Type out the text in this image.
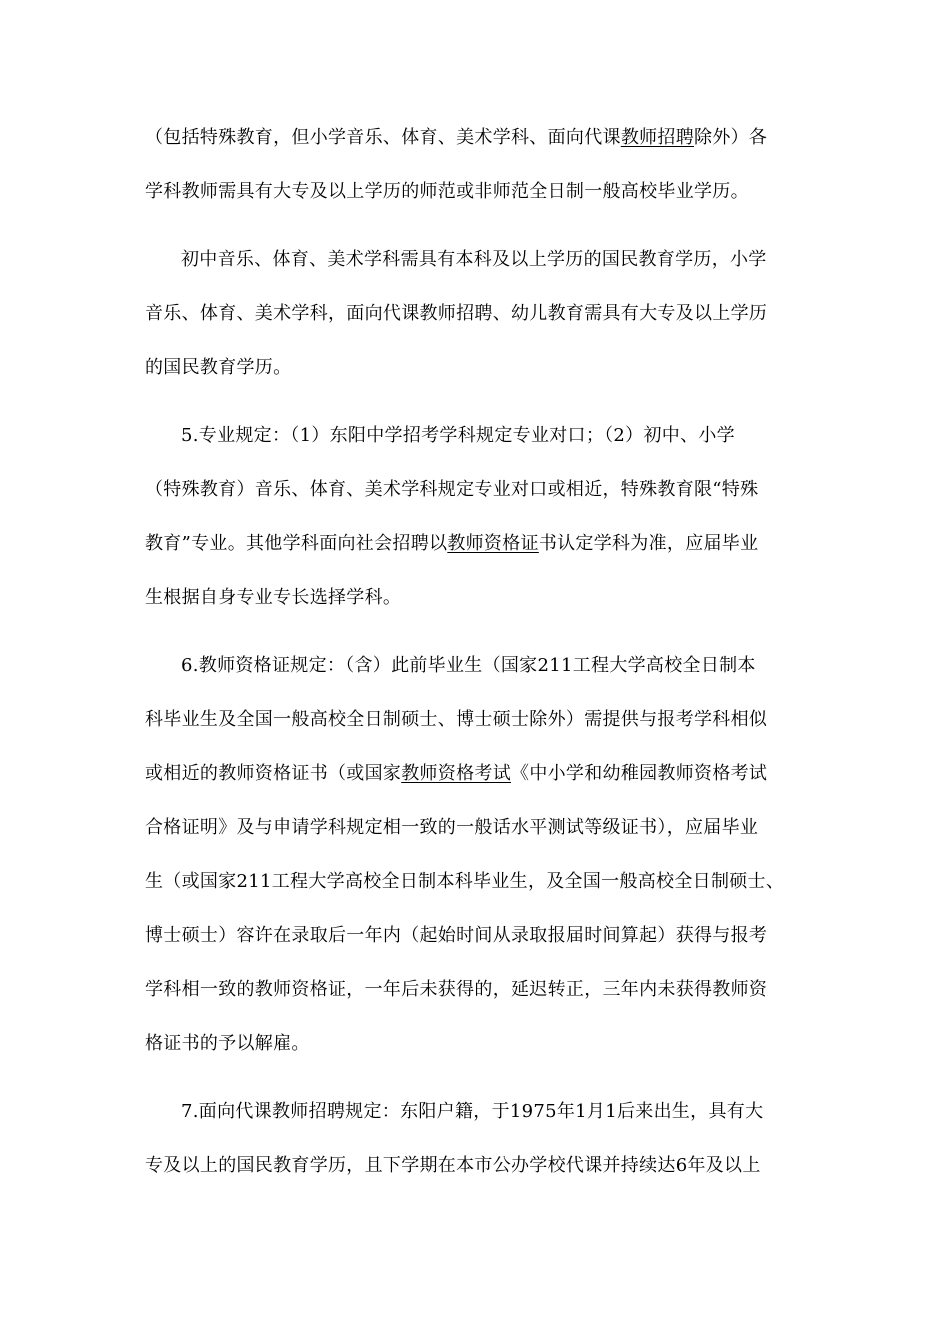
（包括特殊教育，但小学音乐、体育、美术学科、面向代课教师招聘除外）各
学科教师需具有大专及以上学历的师范或非师范全日制一般高校毕业学历。
初中音乐、体育、美术学科需具有本科及以上学历的国民教育学历，小学
音乐、体育、美术学科，面向代课教师招聘、幼儿教育需具有大专及以上学历
的国民教育学历。
5.专业规定：（1）东阳中学招考学科规定专业对口；（2）初中、小学
（特殊教育）音乐、体育、美术学科规定专业对口或相近，特殊教育限“特殊
教育”专业。其他学科面向社会招聘以教师资格证书认定学科为准，应届毕业
生根据自身专业专长选择学科。
6.教师资格证规定：（含）此前毕业生（国家211工程大学高校全日制本
科毕业生及全国一般高校全日制硕士、博士硕士除外）需提供与报考学科相似
或相近的教师资格证书（或国家教师资格考试《中小学和幼稚园教师资格考试
合格证明》及与申请学科规定相一致的一般话水平测试等级证书），应届毕业
生（或国家211工程大学高校全日制本科毕业生，及全国一般高校全日制硕士、
博士硕士）容许在录取后一年内（起始时间从录取报届时间算起）获得与报考
学科相一致的教师资格证，一年后未获得的，延迟转正，三年内未获得教师资
格证书的予以解雇。
7.面向代课教师招聘规定：东阳户籍，于1975年1月1后来出生，具有大
专及以上的国民教育学历，且下学期在本市公办学校代课并持续达6年及以上
